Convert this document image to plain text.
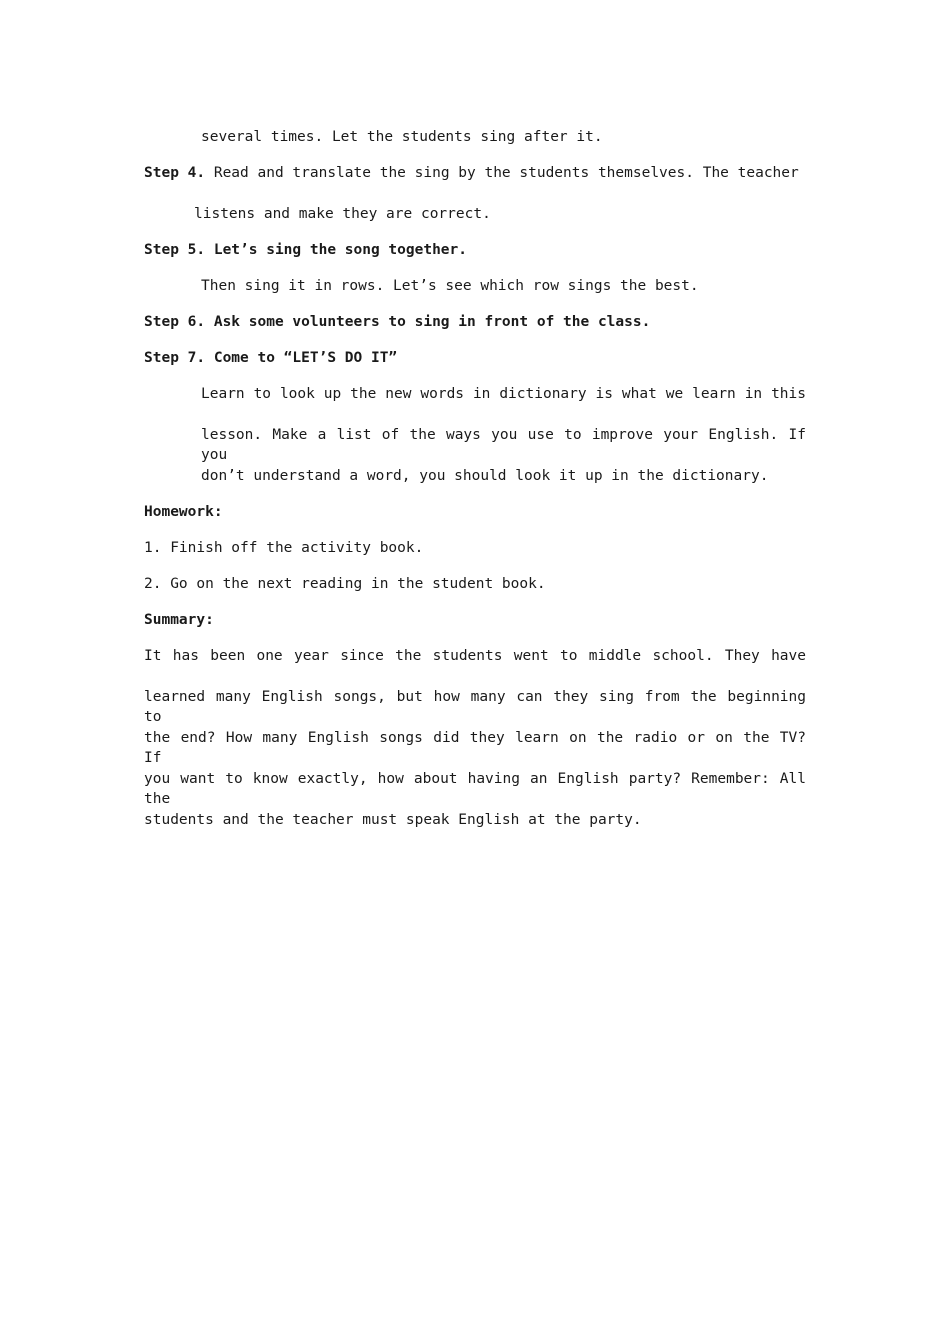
several times. Let the students sing after it.
Step 4. Read and translate the sing by the students themselves. The teacher
listens and make they are correct.
Step 5. Let’s sing the song together.
Then sing it in rows. Let’s see which row sings the best.
Step 6. Ask some volunteers to sing in front of the class.
Step 7. Come to “LET’S DO IT”
Learn to look up the new words in dictionary is what we learn in this
lesson. Make a list of the ways you use to improve your English. If you
don’t understand a word, you should look it up in the dictionary.
Homework:
1. Finish off the activity book.
2. Go on the next reading in the student book.
Summary:
It has been one year since the students went to middle school. They have
learned many English songs, but how many can they sing from the beginning to
the end? How many English songs did they learn on the radio or on the TV? If
you want to know exactly, how about having an English party? Remember: All the
students and the teacher must speak English at the party.
